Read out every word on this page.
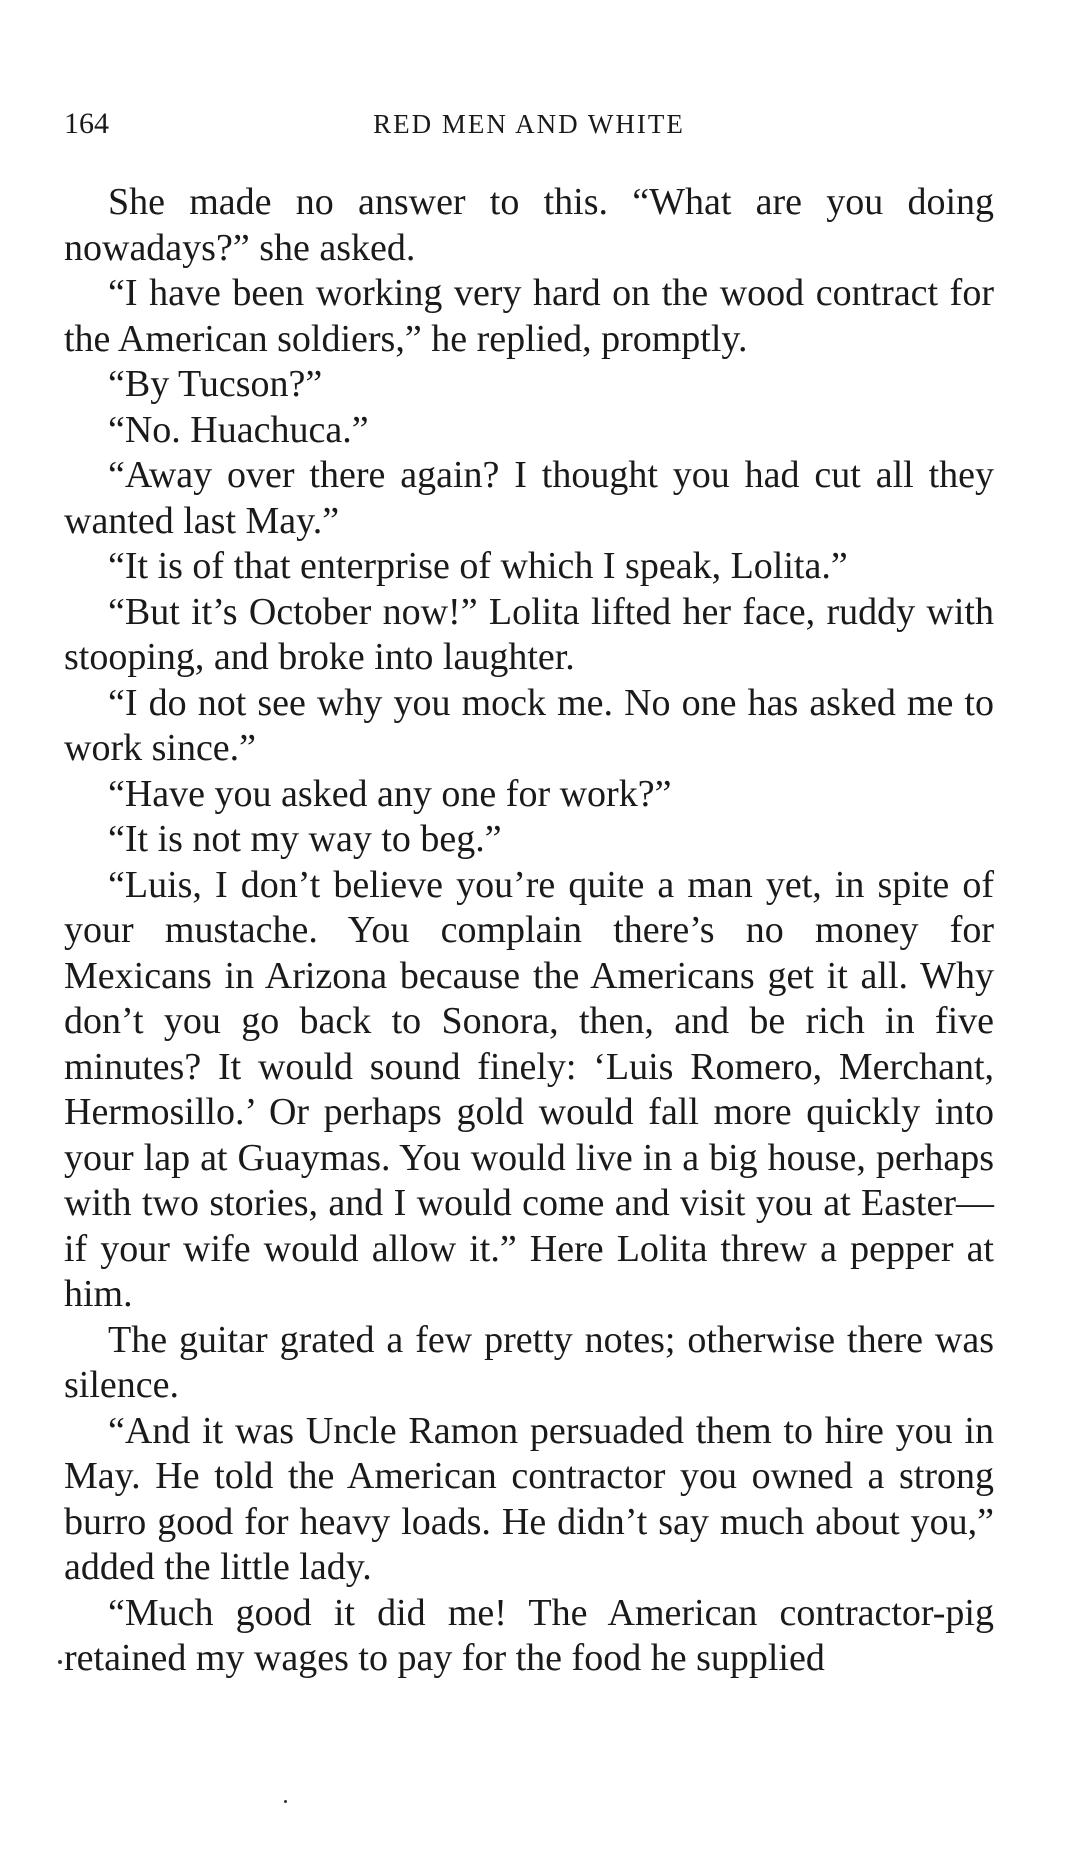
164	RED MEN AND WHITE

She made no answer to this. “What are you doing nowadays?” she asked.

“I have been working very hard on the wood contract for the American soldiers,” he replied, promptly.

“By Tucson?”

“No. Huachuca.”

“Away over there again? I thought you had cut all they wanted last May.”

“It is of that enterprise of which I speak, Lolita.”

“But it’s October now!” Lolita lifted her face, ruddy with stooping, and broke into laughter.

“I do not see why you mock me. No one has asked me to work since.”

“Have you asked any one for work?”

“It is not my way to beg.”

“Luis, I don’t believe you’re quite a man yet, in spite of your mustache. You complain there’s no money for Mexicans in Arizona because the Americans get it all. Why don’t you go back to Sonora, then, and be rich in five minutes? It would sound finely: ‘Luis Romero, Merchant, Hermosillo.’ Or perhaps gold would fall more quickly into your lap at Guaymas. You would live in a big house, perhaps with two stories, and I would come and visit you at Easter—if your wife would allow it.” Here Lolita threw a pepper at him.

The guitar grated a few pretty notes; otherwise there was silence.

“And it was Uncle Ramon persuaded them to hire you in May. He told the American contractor you owned a strong burro good for heavy loads. He didn’t say much about you,” added the little lady.

“Much good it did me! The American contractor-pig retained my wages to pay for the food he supplied
